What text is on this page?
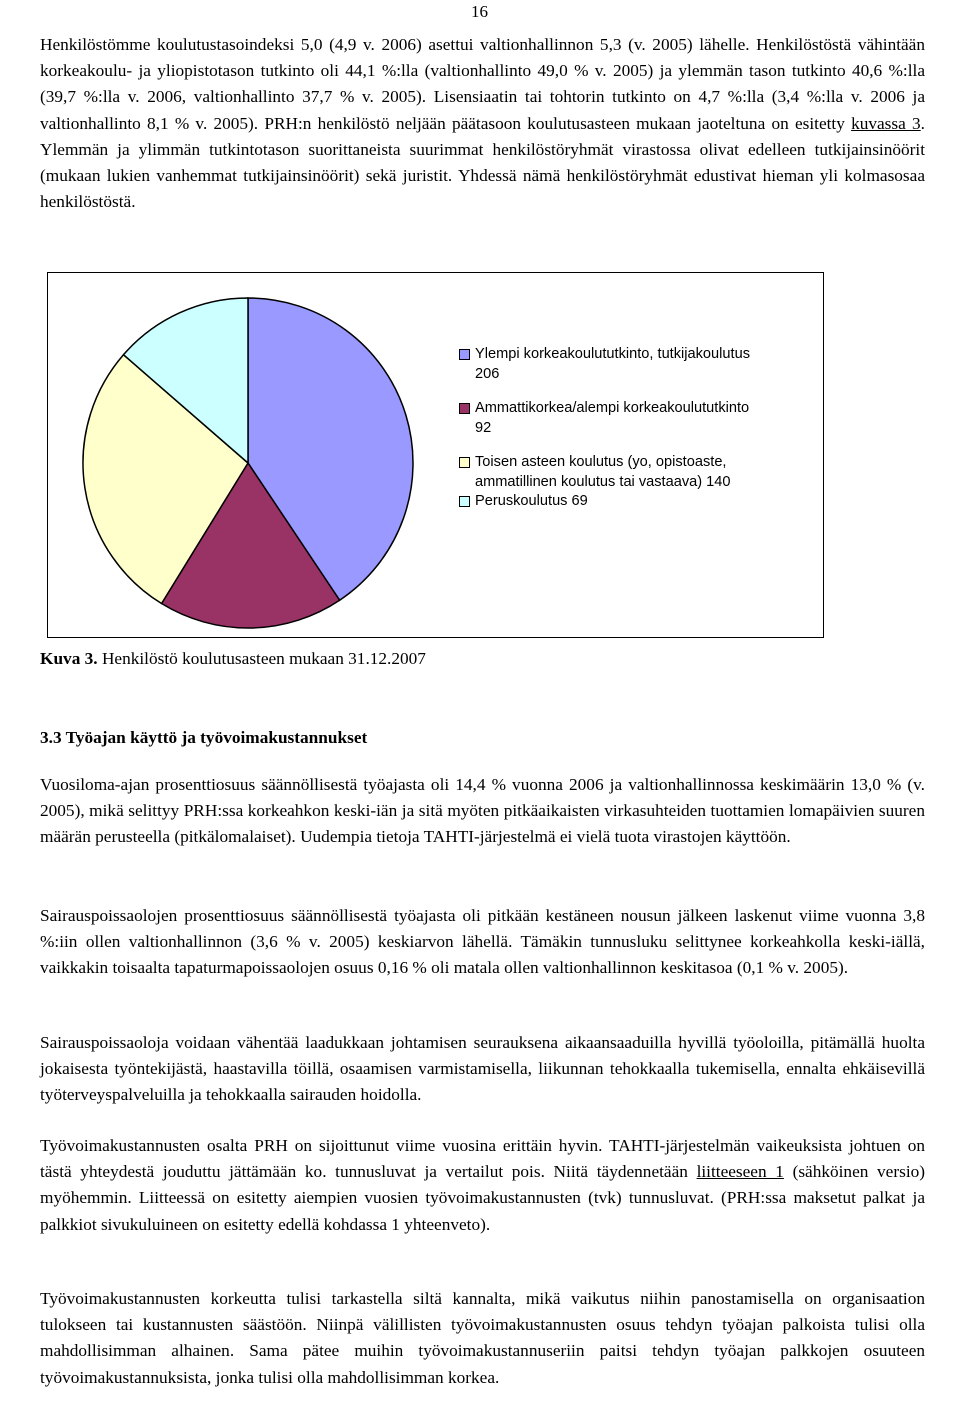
16

Henkilöstömme koulutustasoindeksi 5,0 (4,9 v. 2006) asettui valtionhallinnon 5,3 (v. 2005) lähelle. Henkilöstöstä vähintään korkeakoulu- ja yliopistotason tutkinto oli 44,1 %:lla (valtionhallinto 49,0 % v. 2005) ja ylemmän tason tutkinto 40,6 %:lla (39,7 %:lla v. 2006, valtionhallinto 37,7 % v. 2005). Lisensiaatin tai tohtorin tutkinto on 4,7 %:lla (3,4 %:lla v. 2006 ja valtionhallinto 8,1 % v. 2005). PRH:n henkilöstö neljään päätasoon koulutusasteen mukaan jaoteltuna on esitetty kuvassa 3. Ylemmän ja ylimmän tutkintotason suorittaneista suurimmat henkilöstöryhmät virastossa olivat edelleen tutkijainsinöörit (mukaan lukien vanhemmat tutkijainsinöörit) sekä juristit. Yhdessä nämä henkilöstöryhmät edustivat hieman yli kolmasosaa henkilöstöstä.

Ylempi korkeakoulututkinto, tutkijakoulutus 206
Ammattikorkea/alempi korkeakoulututkinto 92
Toisen asteen koulutus (yo, opistoaste, ammatillinen koulutus tai vastaava) 140
Peruskoulutus 69
Kuva 3. Henkilöstö koulutusasteen mukaan 31.12.2007
3.3 Työajan käyttö ja työvoimakustannukset

Vuosiloma-ajan prosenttiosuus säännöllisestä työajasta oli 14,4 % vuonna 2006 ja valtionhallinnossa keskimäärin 13,0 % (v. 2005), mikä selittyy PRH:ssa korkeahkon keski-iän ja sitä myöten pitkäaikaisten virkasuhteiden tuottamien lomapäivien suuren määrän perusteella (pitkälomalaiset). Uudempia tietoja TAHTI-järjestelmä ei vielä tuota virastojen käyttöön.

Sairauspoissaolojen prosenttiosuus säännöllisestä työajasta oli pitkään kestäneen nousun jälkeen laskenut viime vuonna 3,8 %:iin ollen valtionhallinnon (3,6 % v. 2005) keskiarvon lähellä. Tämäkin tunnusluku selittynee korkeahkolla keski-iällä, vaikkakin toisaalta tapaturmapoissaolojen osuus 0,16 % oli matala ollen valtionhallinnon keskitasoa (0,1 % v. 2005).

Sairauspoissaoloja voidaan vähentää laadukkaan johtamisen seurauksena aikaansaaduilla hyvillä työoloilla, pitämällä huolta jokaisesta työntekijästä, haastavilla töillä, osaamisen varmistamisella, liikunnan tehokkaalla tukemisella, ennalta ehkäisevillä työterveyspalveluilla ja tehokkaalla sairauden hoidolla.

Työvoimakustannusten osalta PRH on sijoittunut viime vuosina erittäin hyvin. TAHTI-järjestelmän vaikeuksista johtuen on tästä yhteydestä jouduttu jättämään ko. tunnusluvat ja vertailut pois. Niitä täydennetään liitteeseen 1 (sähköinen versio) myöhemmin. Liitteessä on esitetty aiempien vuosien työvoimakustannusten (tvk) tunnusluvat. (PRH:ssa maksetut palkat ja palkkiot sivukuluineen on esitetty edellä kohdassa 1 yhteenveto).

Työvoimakustannusten korkeutta tulisi tarkastella siltä kannalta, mikä vaikutus niihin panostamisella on organisaation tulokseen tai kustannusten säästöön. Niinpä välillisten työvoimakustannusten osuus tehdyn työajan palkoista tulisi olla mahdollisimman alhainen. Sama pätee muihin työvoimakustannuseriin paitsi tehdyn työajan palkkojen osuuteen työvoimakustannuksista, jonka tulisi olla mahdollisimman korkea.
